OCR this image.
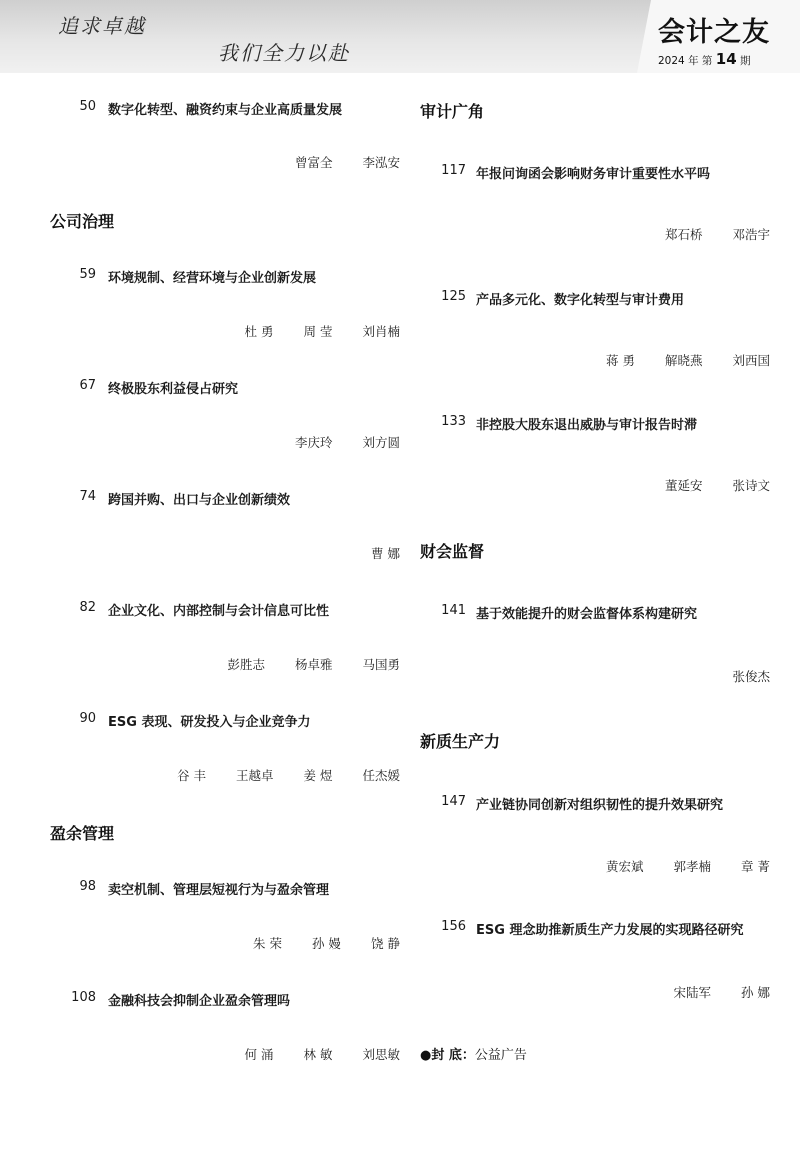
追求卓越
我们全力以赴
会计之友
2024 年 第 14 期
50 数字化转型、融资约束与企业高质量发展
曾富全 李泓安
公司治理
59 环境规制、经营环境与企业创新发展
杜 勇 周 莹 刘肖楠
67 终极股东利益侵占研究
李庆玲 刘方圆
74 跨国并购、出口与企业创新绩效
曹 娜
82 企业文化、内部控制与会计信息可比性
彭胜志 杨卓雅 马国勇
90 ESG 表现、研发投入与企业竞争力
谷 丰 王越卓 姜 煜 任杰媛
盈余管理
98 卖空机制、管理层短视行为与盈余管理
朱 荣 孙 嫚 饶 静
108 金融科技会抑制企业盈余管理吗
何 涌 林 敏 刘思敏
审计广角
117 年报问询函会影响财务审计重要性水平吗
郑石桥 邓浩宇
125 产品多元化、数字化转型与审计费用
蒋 勇 解晓燕 刘西国
133 非控股大股东退出威胁与审计报告时滞
董延安 张诗文
财会监督
141 基于效能提升的财会监督体系构建研究
张俊杰
新质生产力
147 产业链协同创新对组织韧性的提升效果研究
黄宏斌 郭孝楠 章 菁
156 ESG 理念助推新质生产力发展的实现路径研究
宋陆军 孙 娜
●封 底：公益广告
